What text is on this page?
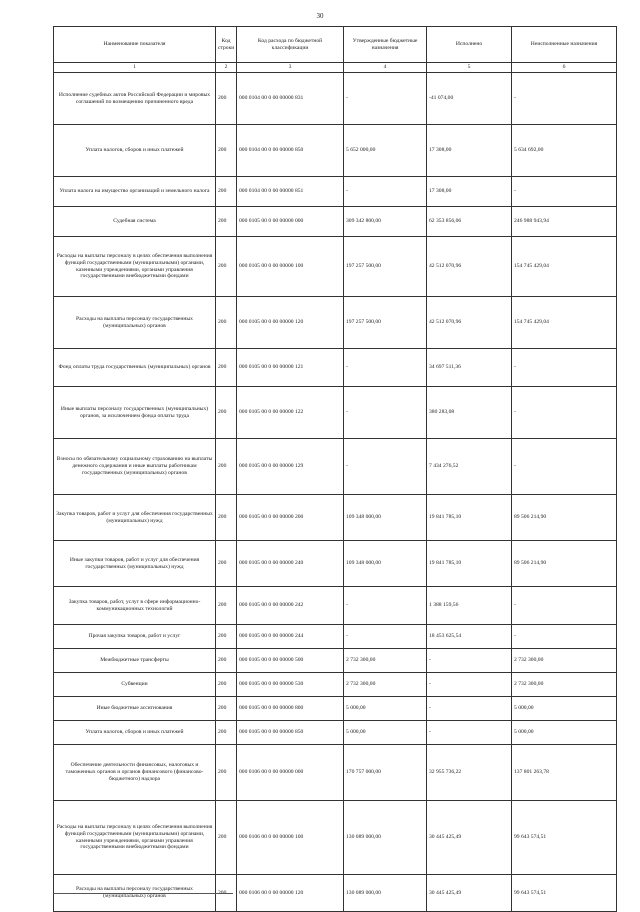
30
Наименование показателя	Код строки	Код расхода по бюджетной классификации	Утвержденные бюджетные назначения	Исполнено	Неисполненные назначения
1	2	3	4	5	6
Исполнение судебных актов Российской Федерации и мировых соглашений по возмещению причиненного вреда	200	000 0104 00 0 00 00000 831	-	-41 074,00	-
Уплата налогов, сборов и иных платежей	200	000 0104 00 0 00 00000 850	5 652 000,00	17 308,00	5 634 692,00
Уплата налога на имущество организаций и земельного налога	200	000 0104 00 0 00 00000 851	-	17 308,00	-
Судебная система	200	000 0105 00 0 00 00000 000	309 342 800,00	62 353 856,06	246 988 943,94
Расходы на выплаты персоналу в целях обеспечения выполнения функций государственными (муниципальными) органами, казенными учреждениями, органами управления государственными внебюджетными фондами	200	000 0105 00 0 00 00000 100	197 257 500,00	42 512 070,96	154 745 429,04
Расходы на выплаты персоналу государственных (муниципальных) органов	200	000 0105 00 0 00 00000 120	197 257 500,00	42 512 070,96	154 745 429,04
Фонд оплаты труда государственных (муниципальных) органов	200	000 0105 00 0 00 00000 121	-	34 697 511,36	-
Иные выплаты персоналу государственных (муниципальных) органов, за исключением фонда оплаты труда	200	000 0105 00 0 00 00000 122	-	380 283,08	-
Взносы по обязательному социальному страхованию на выплаты денежного содержания и иные выплаты работникам государственных (муниципальных) органов	200	000 0105 00 0 00 00000 129	-	7 434 276,52	-
Закупка товаров, работ и услуг для обеспечения государственных (муниципальных) нужд	200	000 0105 00 0 00 00000 200	109 348 000,00	19 841 785,10	89 506 214,90
Иные закупки товаров, работ и услуг для обеспечения государственных (муниципальных) нужд	200	000 0105 00 0 00 00000 240	109 348 000,00	19 841 785,10	89 506 214,90
Закупка товаров, работ, услуг в сфере информационно-коммуникационных технологий	200	000 0105 00 0 00 00000 242	-	1 388 159,56	-
Прочая закупка товаров, работ и услуг	200	000 0105 00 0 00 00000 244	-	18 453 625,54	-
Межбюджетные трансферты	200	000 0105 00 0 00 00000 500	2 732 300,00	-	2 732 300,00
Субвенции	200	000 0105 00 0 00 00000 530	2 732 300,00	-	2 732 300,00
Иные бюджетные ассигнования	200	000 0105 00 0 00 00000 800	5 000,00	-	5 000,00
Уплата налогов, сборов и иных платежей	200	000 0105 00 0 00 00000 850	5 000,00	-	5 000,00
Обеспечение деятельности финансовых, налоговых и таможенных органов и органов финансового (финансово-бюджетного) надзора	200	000 0106 00 0 00 00000 000	170 757 000,00	32 955 736,22	137 801 263,78
Расходы на выплаты персоналу в целях обеспечения выполнения функций государственными (муниципальными) органами, казенными учреждениями, органами управления государственными внебюджетными фондами	200	000 0106 00 0 00 00000 100	130 089 000,00	30 445 425,49	99 643 574,51
Расходы на выплаты персоналу государственных (муниципальных) органов	200	000 0106 00 0 00 00000 120	130 089 000,00	30 445 425,49	99 643 574,51
